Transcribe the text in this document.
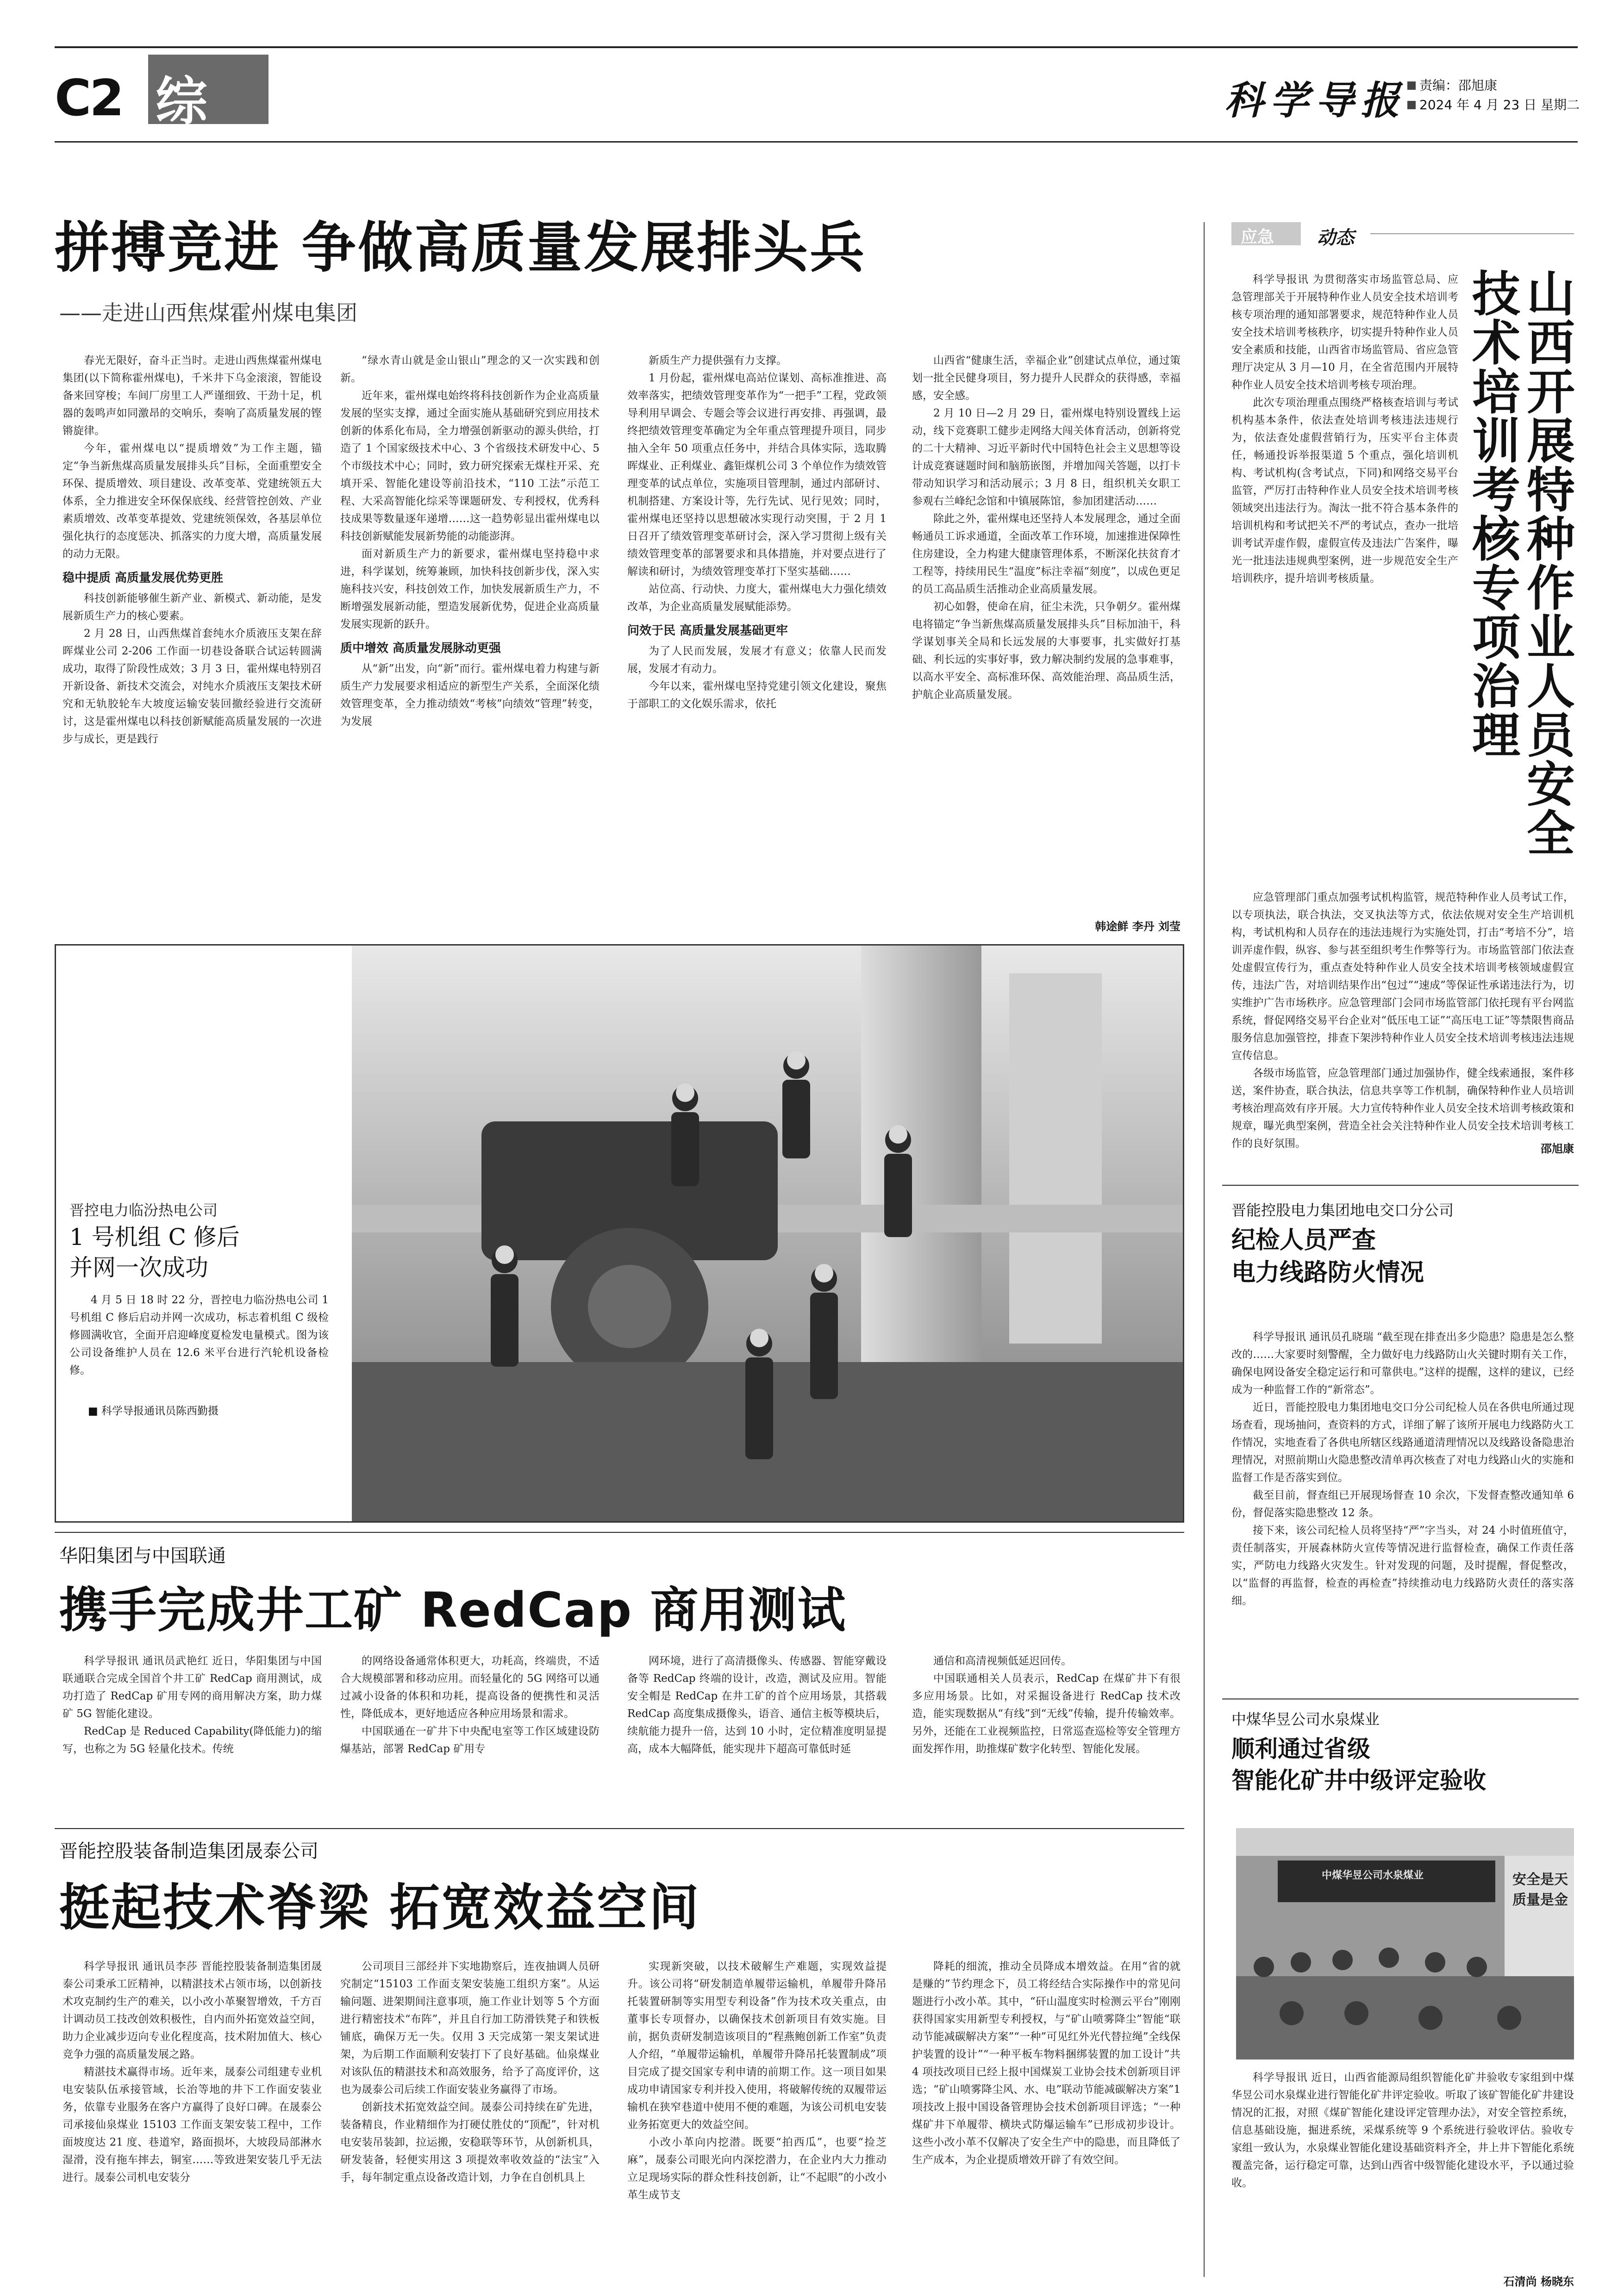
C2 综合
科学导报	责编：邵旭康
2024 年 4 月 23 日 星期二
拼搏竞进 争做高质量发展排头兵
——走进山西焦煤霍州煤电集团

春光无限好，奋斗正当时。走进山西焦煤霍州煤电集团(以下简称霍州煤电)，千米井下乌金滚滚，智能设备来回穿梭；车间厂房里工人严谨细致、干劲十足，机器的轰鸣声如同激昂的交响乐，奏响了高质量发展的铿锵旋律。

今年，霍州煤电以“提质增效”为工作主题，锚定“争当新焦煤高质量发展排头兵”目标，全面重塑安全环保、提质增效、项目建设、改革变革、党建统领五大体系，全力推进安全环保保底线、经营管控创效、产业素质增效、改革变革提效、党建统领保效，各基层单位强化执行的态度惩决、抓落实的力度大增，高质量发展的动力无限。

稳中提质 高质量发展优势更胜

科技创新能够催生新产业、新模式、新动能，是发展新质生产力的核心要素。

2 月 28 日，山西焦煤首套纯水介质液压支架在辞晖煤业公司 2-206 工作面一切巷设备联合试运转圆满成功，取得了阶段性成效；3 月 3 日，霍州煤电特别召开新设备、新技术交流会，对纯水介质液压支架技术研究和无轨胶轮车大坡度运输安装回撤经验进行交流研讨，这是霍州煤电以科技创新赋能高质量发展的一次进步与成长，更是践行

“绿水青山就是金山银山”理念的又一次实践和创新。

近年来，霍州煤电始终将科技创新作为企业高质量发展的坚实支撑，通过全面实施从基础研究到应用技术创新的体系化布局，全力增强创新驱动的源头供给，打造了 1 个国家级技术中心、3 个省级技术研发中心、5 个市级技术中心；同时，致力研究探索无煤柱开采、充填开采、智能化建设等前沿技术，“110 工法”示范工程、大采高智能化综采等课题研发、专利授权，优秀科技成果等数量逐年递增……这一趋势彰显出霍州煤电以科技创新赋能发展新势能的动能澎湃。

面对新质生产力的新要求，霍州煤电坚持稳中求进，科学谋划，统筹兼顾，加快科技创新步伐，深入实施科技兴安，科技创效工作，加快发展新质生产力，不断增强发展新动能，塑造发展新优势，促进企业高质量发展实现新的跃升。

质中增效 高质量发展脉动更强

从“新”出发，向“新”而行。霍州煤电着力构建与新质生产力发展要求相适应的新型生产关系，全面深化绩效管理变革，全力推动绩效“考核”向绩效“管理”转变，为发展

新质生产力提供强有力支撑。

1 月份起，霍州煤电高站位谋划、高标准推进、高效率落实，把绩效管理变革作为“一把手”工程，党政领导利用早调会、专题会等会议进行再安排、再强调，最终把绩效管理变革确定为全年重点管理提升项目，同步抽入全年 50 项重点任务中，并结合具体实际，选取腾晖煤业、正利煤业、鑫钜煤机公司 3 个单位作为绩效管理变革的试点单位，实施项目管理制，通过内部研讨、机制搭建、方案设计等，先行先试、见行见效；同时，霍州煤电还坚持以思想破冰实现行动突围，于 2 月 1 日召开了绩效管理变革研讨会，深入学习贯彻上级有关绩效管理变革的部署要求和具体措施，并对要点进行了解读和研讨，为绩效管理变革打下坚实基础……

站位高、行动快、力度大，霍州煤电大力强化绩效改革，为企业高质量发展赋能添势。

问效于民 高质量发展基础更牢

为了人民而发展，发展才有意义；依靠人民而发展，发展才有动力。

今年以来，霍州煤电坚持党建引领文化建设，聚焦于部职工的文化娱乐需求，依托

山西省“健康生活，幸福企业”创建试点单位，通过策划一批全民健身项目，努力提升人民群众的获得感，幸福感，安全感。

2 月 10 日—2 月 29 日，霍州煤电特别设置线上运动，线下竞赛职工健步走网络大闯关体育活动，创新将党的二十大精神、习近平新时代中国特色社会主义思想等设计成竞赛谜题时间和脑筋嵌图，并增加闯关答题，以打卡带动知识学习和活动展示；3 月 8 日，组织机关女职工参观右兰峰纪念馆和中镇展陈馆，参加团建活动……

除此之外，霍州煤电还坚持人本发展理念，通过全面畅通员工诉求通道，全面改革工作环境，加速推进保障性住房建设，全力构建大健康管理体系，不断深化扶贫育才工程等，持续用民生“温度”标注幸福“刻度”，以成色更足的员工高品质生活推动企业高质量发展。

初心如磐，使命在肩，征尘未洗，只争朝夕。霍州煤电将锚定“争当新焦煤高质量发展排头兵”目标加油干，科学谋划事关全局和长远发展的大事要事，扎实做好打基础、利长远的实事好事，致力解决制约发展的急事难事，以高水平安全、高标准环保、高效能治理、高品质生活，护航企业高质量发展。

韩途鲜 李丹 刘莹
晋控电力临汾热电公司
1 号机组 C 修后
并网一次成功
4 月 5 日 18 时 22 分，晋控电力临汾热电公司 1 号机组 C 修后启动并网一次成功，标志着机组 C 级检修圆满收官，全面开启迎峰度夏检发电量模式。图为该公司设备维护人员在 12.6 米平台进行汽轮机设备检修。
■ 科学导报通讯员陈西勤摄
华阳集团与中国联通
携手完成井工矿 RedCap 商用测试

科学导报讯 通讯员武艳红 近日，华阳集团与中国联通联合完成全国首个井工矿 RedCap 商用测试，成功打造了 RedCap 矿用专网的商用解决方案，助力煤矿 5G 智能化建设。

RedCap 是 Reduced Capability(降低能力)的缩写，也称之为 5G 轻量化技术。传统

的网络设备通常体积更大，功耗高，终端贵，不适合大规模部署和移动应用。而轻量化的 5G 网络可以通过减小设备的体积和功耗，提高设备的便携性和灵活性，降低成本，更好地适应各种应用场景和需求。

中国联通在一矿井下中央配电室等工作区域建设防爆基站，部署 RedCap 矿用专

网环境，进行了高清摄像头、传感器、智能穿戴设备等 RedCap 终端的设计，改造，测试及应用。智能安全帽是 RedCap 在井工矿的首个应用场景，其搭载 RedCap 高度集成摄像头，语音、通信主板等模块后，续航能力提升一倍，达到 10 小时，定位精准度明显提高，成本大幅降低，能实现井下超高可靠低时延

通信和高清视频低延迟回传。

中国联通相关人员表示，RedCap 在煤矿井下有很多应用场景。比如，对采掘设备进行 RedCap 技术改造，能实现数据从“有线”到“无线”传输，提升传输效率。另外，还能在工业视频监控，日常巡查巡检等安全管理方面发挥作用，助推煤矿数字化转型、智能化发展。

晋能控股装备制造集团晟泰公司
挺起技术脊梁 拓宽效益空间

科学导报讯 通讯员李莎 晋能控股装备制造集团晟泰公司秉承工匠精神，以精湛技术占领市场，以创新技术攻克制约生产的难关，以小改小革聚智增效，千方百计调动员工技改创效积极性，自内而外拓宽效益空间，助力企业减步迈向专业化程度高，技术附加值大、核心竞争力强的高质量发展之路。

精湛技术赢得市场。近年来，晟泰公司组建专业机电安装队伍承接管域，长治等地的井下工作面安装业务，依靠专业服务在客户方赢得了良好口碑。在晟泰公司承接仙泉煤业 15103 工作面支架安装工程中，工作面坡度达 21 度、巷道窄，路面损坏，大坡段局部淋水湿滑，没有拖车摔去，铜室……等致进架安装几乎无法进行。晟泰公司机电安装分

公司项目三部经并下实地勘察后，连夜抽调人员研究制定“15103 工作面支架安装施工组织方案”。从运输问题、进架期间注意事项，施工作业计划等 5 个方面进行精密技术“布阵”，并且自行加工防滑铁凳子和铁板铺底，确保万无一失。仅用 3 天完成第一架支架试进架，为后期工作面顺利安装打下了良好基础。仙泉煤业对该队伍的精湛技术和高效服务，给予了高度评价，这也为晟泰公司后续工作面安装业务赢得了市场。

创新技术拓宽效益空间。晟泰公司持续在矿先进，装备精良，作业精细作为打硬仗胜仗的“顶配”，针对机电安装吊装卸，拉运搬，安稳联等环节，从创新机具，研发装备，轻便实用这 3 项提效率收效益的“法宝”入手，每年制定重点设备改造计划，力争在自创机具上

实现新突破，以技术破解生产难题，实现效益提升。该公司将“研发制造单履带运输机，单履带升降吊托装置研制等实用型专利设备”作为技术攻关重点，由董事长专项督办，以确保技术创新项目有效实施。目前，据负责研发制造该项目的“程燕鲍创新工作室”负责人介绍，“单履带运输机，单履带升降吊托装置制成”项目完成了提交国家专利申请的前期工作。这一项目如果成功申请国家专利并投入使用，将破解传统的双履带运输机在狭窄巷道中使用不便的难题，为该公司机电安装业务拓宽更大的效益空间。

小改小革向内挖潜。既要“拍西瓜”，也要“捡芝麻”，晟泰公司眼光向内深挖潜力，在企业内大力推动立足现场实际的群众性科技创新，让“不起眼”的小改小革生成节支

降耗的细流，推动全员降成本增效益。在用“省的就是赚的”节约理念下，员工将经结合实际操作中的常见问题进行小改小革。其中，“矸山温度实时检测云平台”刚刚获得国家实用新型专利授权，与“矿山喷雾降尘”智能“联动节能减碳解决方案”“一种”可见红外光代替拉绳”全线保护装置的设计”“一种平板车物料捆绑装置的加工设计”共 4 项技改项目已经上报中国煤炭工业协会技术创新项目评选；“矿山喷雾降尘风、水、电”联动节能减碳解决方案”1 项技改上报中国设备管理协会技术创新项目评选；“一种煤矿井下单履带、横块式防爆运输车”已形成初步设计。这些小改小革不仅解决了安全生产中的隐患，而且降低了生产成本，为企业提质增效开辟了有效空间。

应急 动态
山西开展特种作业人员安全技术培训考核专项治理

科学导报讯 为贯彻落实市场监管总局、应急管理部关于开展特种作业人员安全技术培训考核专项治理的通知部署要求，规范特种作业人员安全技术培训考核秩序，切实提升特种作业人员安全素质和技能，山西省市场监管局、省应急管理厅决定从 3 月—10 月，在全省范围内开展特种作业人员安全技术培训考核专项治理。

此次专项治理重点围绕严格核查培训与考试机构基本条件，依法查处培训考核违法违规行为，依法查处虚假营销行为，压实平台主体责任，畅通投诉举报渠道 5 个重点，强化培训机构、考试机构(含考试点，下同)和网络交易平台监管，严厉打击特种作业人员安全技术培训考核领域突出违法行为。淘汰一批不符合基本条件的培训机构和考试把关不严的考试点，查办一批培训考试弄虚作假，虚假宣传及违法广告案件，曝光一批违法违规典型案例，进一步规范安全生产培训秩序，提升培训考核质量。

应急管理部门重点加强考试机构监管，规范特种作业人员考试工作，以专项执法，联合执法，交叉执法等方式，依法依规对安全生产培训机构，考试机构和人员存在的违法违规行为实施处罚，打击“考培不分”，培训弄虚作假，纵容、参与甚至组织考生作弊等行为。市场监管部门依法查处虚假宣传行为，重点查处特种作业人员安全技术培训考核领域虚假宣传，违法广告，对培训结果作出“包过”“速成”等保证性承诺违法行为，切实维护广告市场秩序。应急管理部门会同市场监管部门依托现有平台网监系统，督促网络交易平台企业对“低压电工证”“高压电工证”等禁限售商品服务信息加强管控，排查下架涉特种作业人员安全技术培训考核违法违规宣传信息。

各级市场监管，应急管理部门通过加强协作，健全线索通报，案件移送，案件协查，联合执法，信息共享等工作机制，确保特种作业人员培训考核治理高效有序开展。大力宣传特种作业人员安全技术培训考核政策和规章，曝光典型案例，营造全社会关注特种作业人员安全技术培训考核工作的良好氛围。	邵旭康
晋能控股电力集团地电交口分公司
纪检人员严查
电力线路防火情况

科学导报讯 通讯员孔晓瑞 “截至现在排查出多少隐患？隐患是怎么整改的……大家要时刻警醒，全力做好电力线路防山火关键时期有关工作，确保电网设备安全稳定运行和可靠供电。”这样的提醒，这样的建议，已经成为一种监督工作的“新常态”。

近日，晋能控股电力集团地电交口分公司纪检人员在各供电所通过现场查看，现场抽问，查资料的方式，详细了解了该所开展电力线路防火工作情况，实地查看了各供电所辖区线路通道清理情况以及线路设备隐患治理情况，对照前期山火隐患整改清单再次核查了对电力线路山火的实施和监督工作是否落实到位。

截至目前，督查组已开展现场督查 10 余次，下发督查整改通知单 6 份，督促落实隐患整改 12 条。

接下来，该公司纪检人员将坚持“严”字当头，对 24 小时值班值守，责任制落实，开展森林防火宣传等情况进行监督检查，确保工作责任落实，严防电力线路火灾发生。针对发现的问题，及时提醒，督促整改，以“监督的再监督，检查的再检查”持续推动电力线路防火责任的落实落细。

中煤华昱公司水泉煤业
顺利通过省级
智能化矿井中级评定验收
中煤华昱公司水泉煤业	安全是天 质量是金

科学导报讯 近日，山西省能源局组织智能化矿井验收专家组到中煤华昱公司水泉煤业进行智能化矿井评定验收。听取了该矿智能化矿井建设情况的汇报，对照《煤矿智能化建设评定管理办法》，对安全管控系统，信息基础设施，掘进系统，采煤系统等 9 个系统进行验收评估。验收专家组一致认为，水泉煤业智能化建设基础资料齐全，井上井下智能化系统覆盖完备，运行稳定可靠，达到山西省中级智能化建设水平，予以通过验收。

石清尚 杨晓东
